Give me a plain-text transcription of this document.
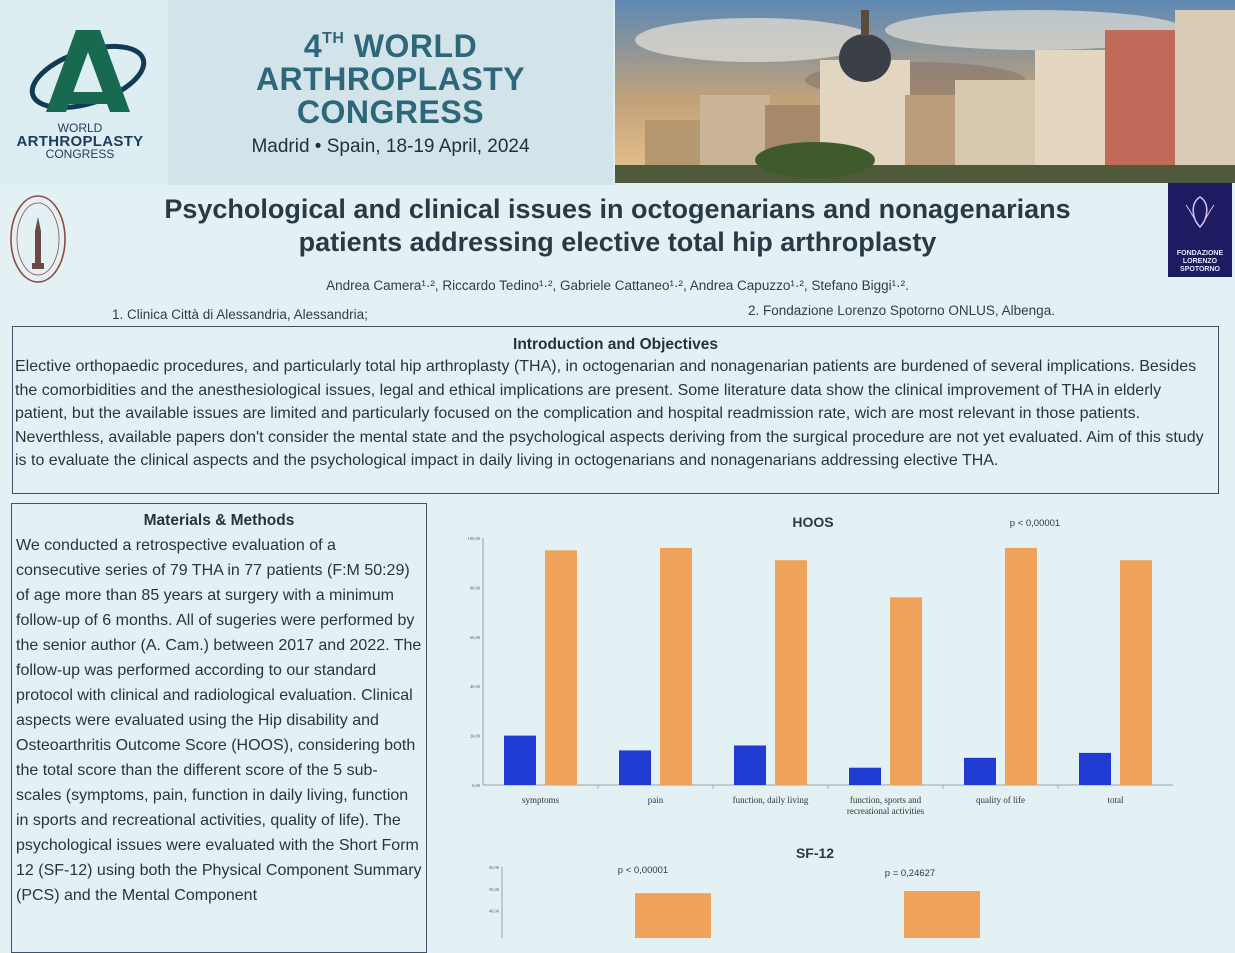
WORLD
ARTHROPLASTY
CONGRESS
4TH WORLD
ARTHROPLASTY
CONGRESS
Madrid • Spain, 18-19 April, 2024
FONDAZIONE
LORENZO
SPOTORNO
Psychological and clinical issues in octogenarians and nonagenarians
patients addressing elective total hip arthroplasty
Andrea Camera¹·², Riccardo Tedino¹·², Gabriele Cattaneo¹·², Andrea Capuzzo¹·², Stefano Biggi¹·².
1. Clinica Città di Alessandria, Alessandria;	2. Fondazione Lorenzo Spotorno ONLUS, Albenga.
Introduction and Objectives
Elective orthopaedic procedures, and particularly total hip arthroplasty (THA), in octogenarian and nonagenarian patients are burdened of several implications. Besides the comorbidities and the anesthesiological issues, legal and ethical implications are present. Some literature data show the clinical improvement of THA in elderly patient, but the available issues are limited and particularly focused on the complication and hospital readmission rate, wich are most relevant in those patients. Neverthless, available papers don't consider the mental state and the psychological aspects deriving from the surgical procedure are not yet evaluated. Aim of this study is to evaluate the clinical aspects and the psychological impact in daily living in octogenarians and nonagenarians addressing elective THA.
Materials & Methods
We conducted a retrospective evaluation of a consecutive series of 79 THA in 77 patients (F:M 50:29) of age more than 85 years at surgery with a minimum follow-up of 6 months. All of sugeries were performed by the senior author (A. Cam.) between 2017 and 2022. The follow-up was performed according to our standard protocol with clinical and radiological evaluation. Clinical aspects were evaluated using the Hip disability and Osteoarthritis Outcome Score (HOOS), considering both the total score than the different score of the 5 sub-scales (symptoms, pain, function in daily living, function in sports and recreational activities, quality of life). The psychological issues were evaluated with the Short Form 12 (SF-12) using both the Physical Component Summary (PCS) and the Mental Component
HOOS	p < 0,00001
0,00
20,00
40,00
60,00
80,00
100,00
symptoms	pain	function, daily living	function, sports and
recreational activities
quality of life	total
SF-12
p < 0,00001	p = 0,24627
60,00
50,00
40,00
